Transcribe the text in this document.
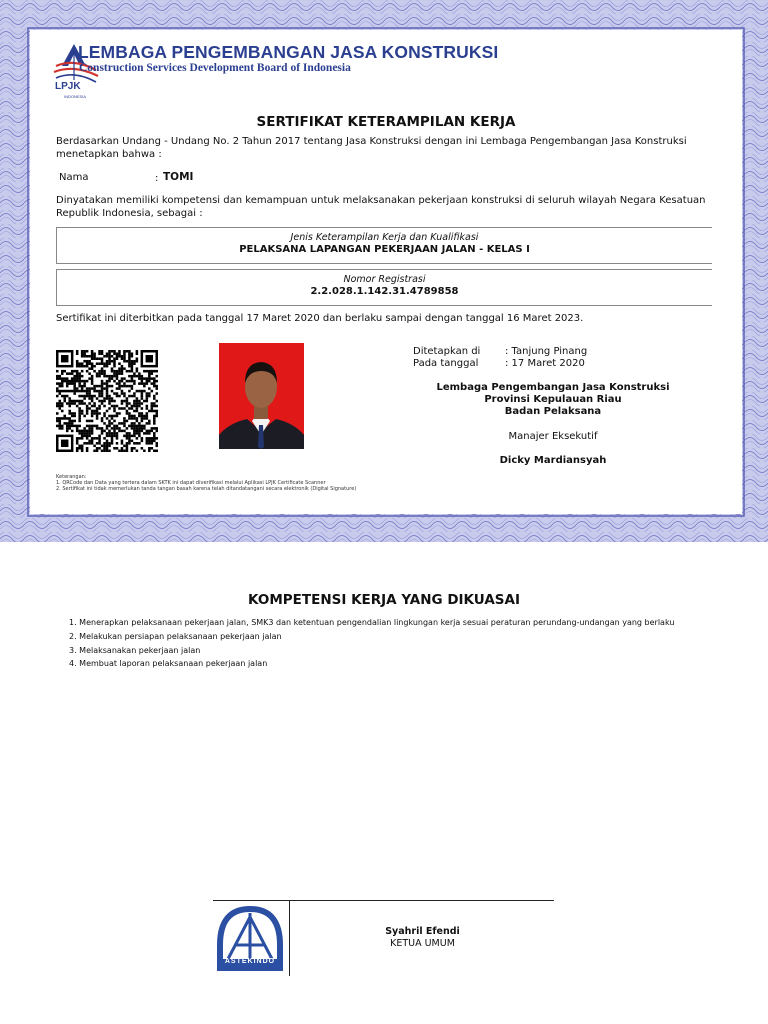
LPJK
INDONESIA
LEMBAGA PENGEMBANGAN JASA KONSTRUKSI
Construction Services Development Board of Indonesia
SERTIFIKAT KETERAMPILAN KERJA
Berdasarkan Undang - Undang No. 2 Tahun 2017 tentang Jasa Konstruksi dengan ini Lembaga Pengembangan Jasa Konstruksi menetapkan bahwa :
Nama	: TOMI
Dinyatakan memiliki kompetensi dan kemampuan untuk melaksanakan pekerjaan konstruksi di seluruh wilayah Negara Kesatuan Republik Indonesia, sebagai :
Jenis Keterampilan Kerja dan Kualifikasi
PELAKSANA LAPANGAN PEKERJAAN JALAN - KELAS I
Nomor Registrasi
2.2.028.1.142.31.4789858
Sertifikat ini diterbitkan pada tanggal 17 Maret 2020 dan berlaku sampai dengan tanggal 16 Maret 2023.
Ditetapkan di : Tanjung Pinang
Pada tanggal	: 17 Maret 2020
Lembaga Pengembangan Jasa Konstruksi
Provinsi Kepulauan Riau
Badan Pelaksana
Manajer Eksekutif
Dicky Mardiansyah
Keterangan:
1. QRCode dan Data yang tertera dalam SKTK ini dapat diverifikasi melalui Aplikasi LPJK Certificate Scanner
2. Sertifikat ini tidak memerlukan tanda tangan basah karena telah ditandatangani secara elektronik (Digital Signature)
KOMPETENSI KERJA YANG DIKUASAI
1. Menerapkan pelaksanaan pekerjaan jalan, SMK3 dan ketentuan pengendalian lingkungan kerja sesuai peraturan perundang-undangan yang berlaku
2. Melakukan persiapan pelaksanaan pekerjaan jalan
3. Melaksanakan pekerjaan jalan
4. Membuat laporan pelaksanaan pekerjaan jalan
ASTEKINDO
Syahril Efendi
KETUA UMUM
